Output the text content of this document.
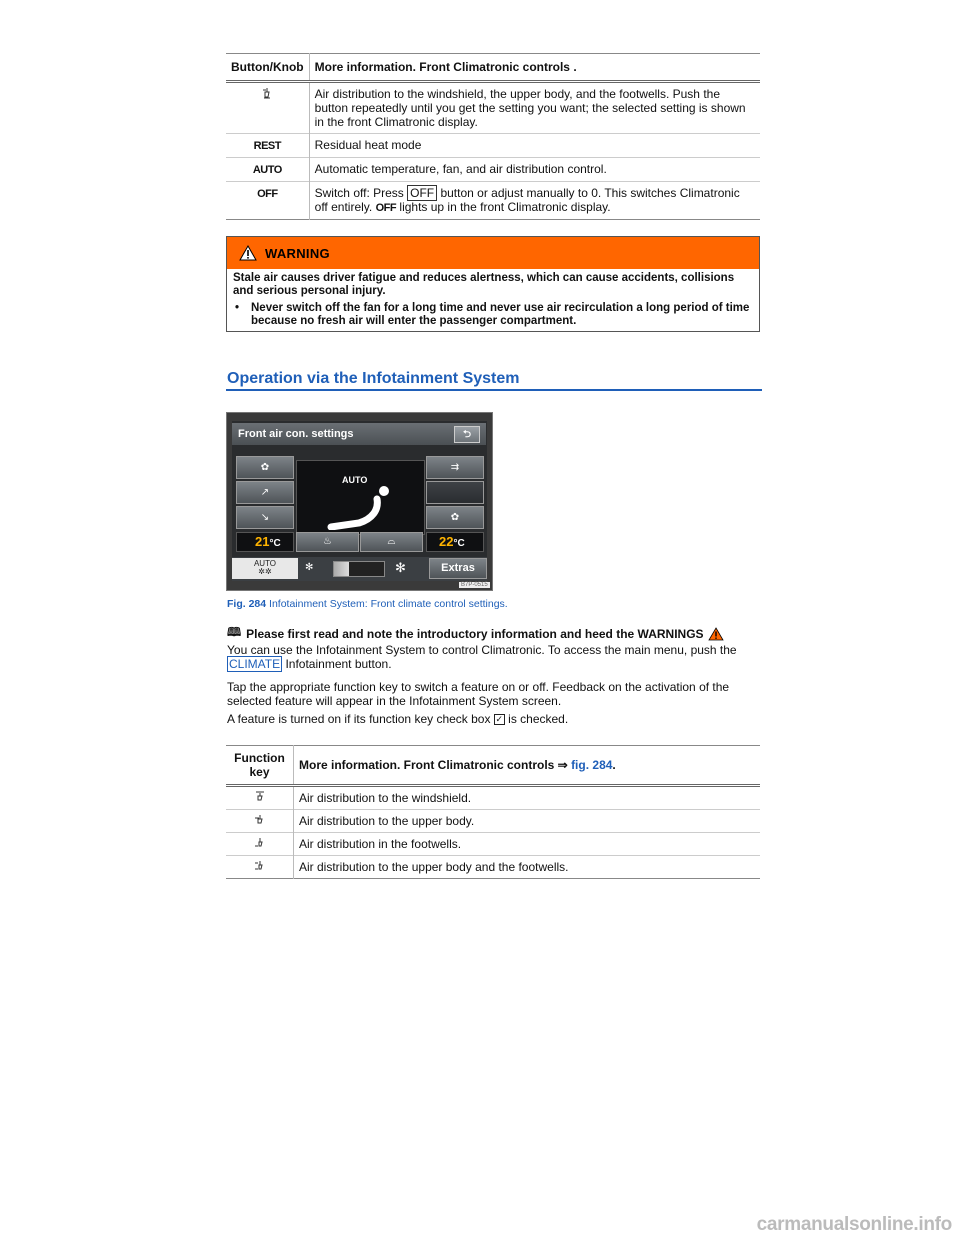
Button/Knob	More information. Front Climatronic controls .
	Air distribution to the windshield, the upper body, and the footwells. Push the button repeatedly until you get the setting you want; the selected setting is shown in the front Climatronic display.
REST	Residual heat mode
AUTO	Automatic temperature, fan, and air distribution control.
OFF	Switch off: Press OFF button or adjust manually to 0. This switches Climatronic off entirely. OFF lights up in the front Climatronic display.
WARNING

Stale air causes driver fatigue and reduces alertness, which can cause accidents, collisions and serious personal injury.

•	Never switch off the fan for a long time and never use air recirculation a long period of time because no fresh air will enter the passenger compartment.
Operation via the Infotainment System
Front air con. settings	⮌
✿
↗
↘
⇉
✿
AUTO
21°C	♨	⌓	22°C
AUTO
✲✲	✻	✻	Extras
B7P-0515
Fig. 284 Infotainment System: Front climate control settings.
🕮 Please first read and note the introductory information and heed the WARNINGS
You can use the Infotainment System to control Climatronic. To access the main menu, push the
CLIMATE Infotainment button.
Tap the appropriate function key to switch a feature on or off. Feedback on the activation of the selected feature will appear in the Infotainment System screen.
A feature is turned on if its function key check box ✓ is checked.
Function key	More information. Front Climatronic controls ⇒ fig. 284.
	Air distribution to the windshield.
	Air distribution to the upper body.
	Air distribution in the footwells.
	Air distribution to the upper body and the footwells.
carmanualsonline.info
